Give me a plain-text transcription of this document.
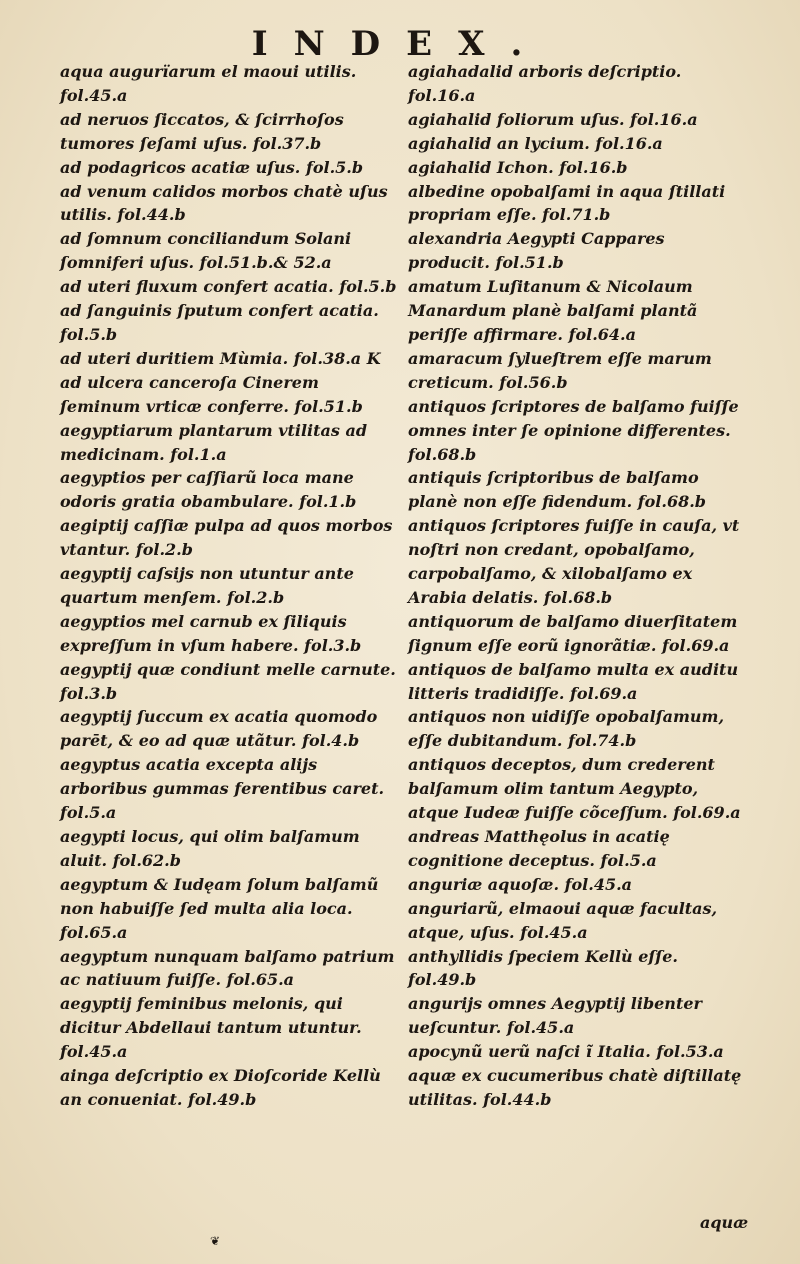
INDEX.

aqua augurïarum el maoui utilis. fol.45.a

ad neruos ſiccatos, & ſcirrhoſos tumores ſeſami uſus. fol.37.b

ad podagricos acatiæ uſus. fol.5.b

ad venum calidos morbos chatè uſus utilis. fol.44.b

ad ſomnum conciliandum Solani ſomniferi uſus. fol.51.b.& 52.a

ad uteri fluxum confert acatia. fol.5.b

ad ſanguinis ſputum confert acatia. fol.5.b

ad uteri duritiem Mùmia. fol.38.a K

ad ulcera canceroſa Cinerem ſeminum vrticæ conferre. fol.51.b

aegyptiarum plantarum vtilitas ad medicinam. fol.1.a

aegyptios per caſſiarũ loca mane odoris gratia obambulare. fol.1.b

aegiptij caſſiæ pulpa ad quos morbos vtantur. fol.2.b

aegyptij caſsijs non utuntur ante quartum menſem. fol.2.b

aegyptios mel carnub ex ſiliquis expreſſum in vſum habere. fol.3.b

aegyptij quæ condiunt melle carnute. fol.3.b

aegyptij ſuccum ex acatia quomodo parēt, & eo ad quæ utãtur. fol.4.b

aegyptus acatia excepta alijs arboribus gummas ferentibus caret. fol.5.a

aegypti locus, qui olim balſamum aluit. fol.62.b

aegyptum & Iudęam ſolum balſamũ non habuiſſe ſed multa alia loca. fol.65.a

aegyptum nunquam balſamo patrium ac natiuum fuiſſe. fol.65.a

aegyptij feminibus melonis, qui dicitur Abdellaui tantum utuntur. fol.45.a

ainga deſcriptio ex Dioſcoride Kellù an conueniat. fol.49.b

agiahadalid arboris deſcriptio. fol.16.a

agiahalid foliorum uſus. fol.16.a

agiahalid an lycium. fol.16.a

agiahalid Ichon. fol.16.b

albedine opobalſami in aqua ſtillati propriam eſſe. fol.71.b

alexandria Aegypti Cappares producit. fol.51.b

amatum Luſitanum & Nicolaum Manardum planè balſami plantã periſſe affirmare. fol.64.a

amaracum ſylueſtrem eſſe marum creticum. fol.56.b

antiquos ſcriptores de balſamo fuiſſe omnes inter ſe opinione differentes. fol.68.b

antiquis ſcriptoribus de balſamo planè non eſſe fidendum. fol.68.b

antiquos ſcriptores fuiſſe in cauſa, vt noſtri non credant, opobalſamo, carpobalſamo, & xilobalſamo ex Arabia delatis. fol.68.b

antiquorum de balſamo diuerſitatem ſignum eſſe eorũ ignorãtiæ. fol.69.a

antiquos de balſamo multa ex auditu litteris tradidiſſe. fol.69.a

antiquos non uidiſſe opobalſamum, eſſe dubitandum. fol.74.b

antiquos deceptos, dum crederent balſamum olim tantum Aegypto, atque Iudeæ fuiſſe cõceſſum. fol.69.a

andreas Matthęolus in acatię cognitione deceptus. fol.5.a

anguriæ aquoſæ. fol.45.a

anguriarũ, elmaoui aquæ facultas, atque, uſus. fol.45.a

anthyllidis ſpeciem Kellù eſſe. fol.49.b

angurijs omnes Aegyptij libenter ueſcuntur. fol.45.a

apocynũ uerũ naſci ĩ Italia. fol.53.a

aquæ ex cucumeribus chatè diſtillatę utilitas. fol.44.b

aquæ
❦
